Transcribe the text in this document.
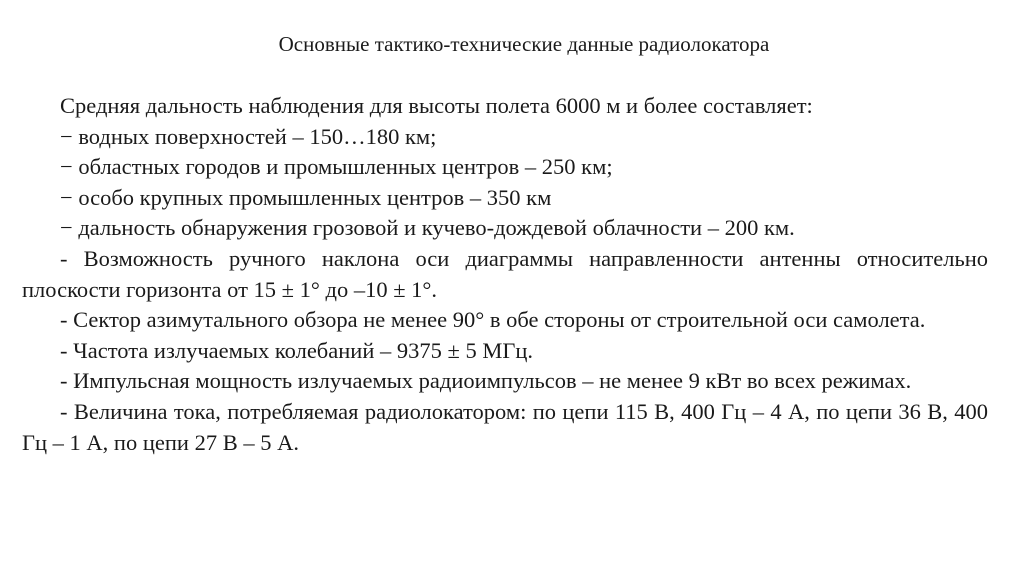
Основные тактико-технические данные радиолокатора

Средняя дальность наблюдения для высоты полета 6000 м и более составляет:

− водных поверхностей – 150…180 км;

− областных городов и промышленных центров – 250 км;

− особо крупных промышленных центров – 350 км

− дальность обнаружения грозовой и кучево-дождевой облачности – 200 км.

- Возможность ручного наклона оси диаграммы направленности антенны относительно плоскости горизонта от 15 ± 1° до –10 ± 1°.

- Сектор азимутального обзора не менее 90° в обе стороны от строительной оси самолета.

- Частота излучаемых колебаний – 9375 ± 5 МГц.

- Импульсная мощность излучаемых радиоимпульсов – не менее 9 кВт во всех режимах.

- Величина тока, потребляемая радиолокатором: по цепи 115 В, 400 Гц – 4 А, по цепи 36 В, 400 Гц – 1 А, по цепи 27 В – 5 А.
